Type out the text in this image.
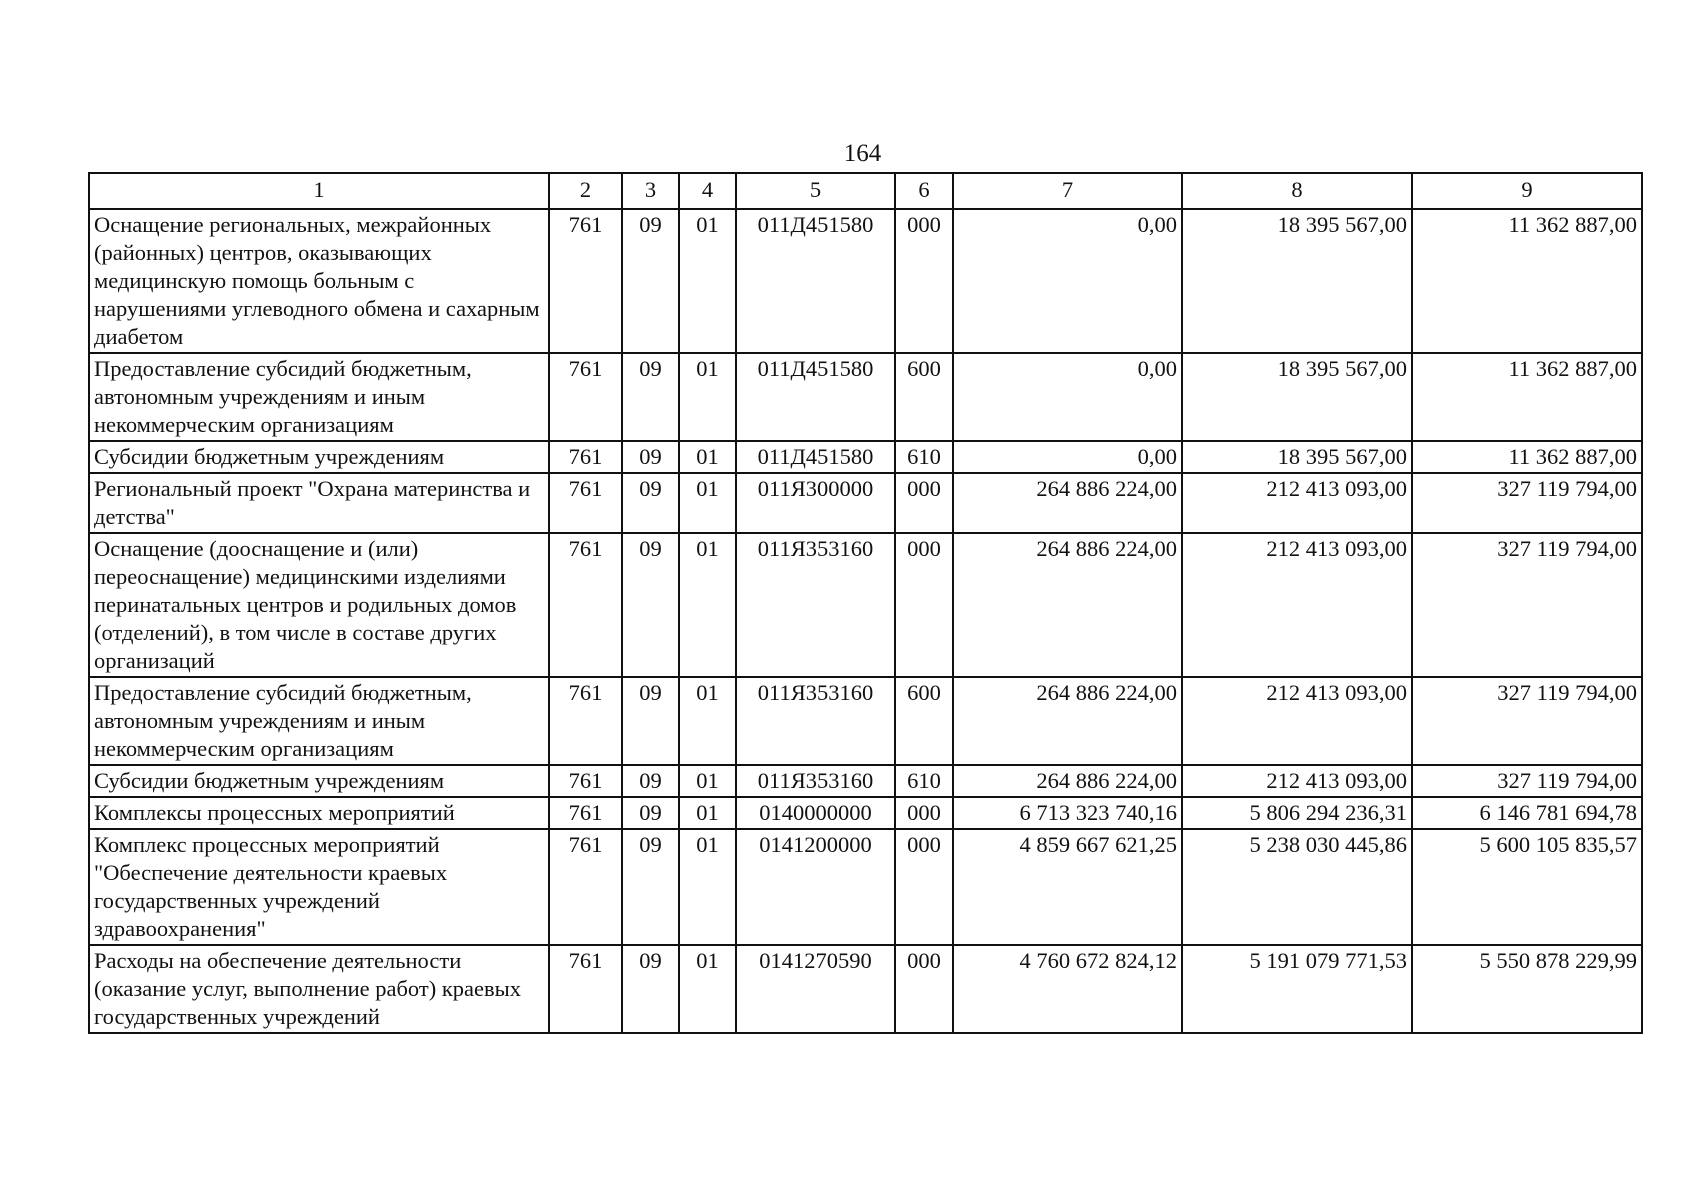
164
1	2	3	4	5	6	7	8	9
Оснащение региональных, межрайонных (районных) центров, оказывающих медицинскую помощь больным с нарушениями углеводного обмена и сахарным диабетом	761	09	01	011Д451580	000	0,00	18 395 567,00	11 362 887,00
Предоставление субсидий бюджетным, автономным учреждениям и иным некоммерческим организациям	761	09	01	011Д451580	600	0,00	18 395 567,00	11 362 887,00
Субсидии бюджетным учреждениям	761	09	01	011Д451580	610	0,00	18 395 567,00	11 362 887,00
Региональный проект "Охрана материнства и детства"	761	09	01	011Я300000	000	264 886 224,00	212 413 093,00	327 119 794,00
Оснащение (дооснащение и (или) переоснащение) медицинскими изделиями перинатальных центров и родильных домов (отделений), в том числе в составе других организаций	761	09	01	011Я353160	000	264 886 224,00	212 413 093,00	327 119 794,00
Предоставление субсидий бюджетным, автономным учреждениям и иным некоммерческим организациям	761	09	01	011Я353160	600	264 886 224,00	212 413 093,00	327 119 794,00
Субсидии бюджетным учреждениям	761	09	01	011Я353160	610	264 886 224,00	212 413 093,00	327 119 794,00
Комплексы процессных мероприятий	761	09	01	0140000000	000	6 713 323 740,16	5 806 294 236,31	6 146 781 694,78
Комплекс процессных мероприятий "Обеспечение деятельности краевых государственных учреждений здравоохранения"	761	09	01	0141200000	000	4 859 667 621,25	5 238 030 445,86	5 600 105 835,57
Расходы на обеспечение деятельности (оказание услуг, выполнение работ) краевых государственных учреждений	761	09	01	0141270590	000	4 760 672 824,12	5 191 079 771,53	5 550 878 229,99
